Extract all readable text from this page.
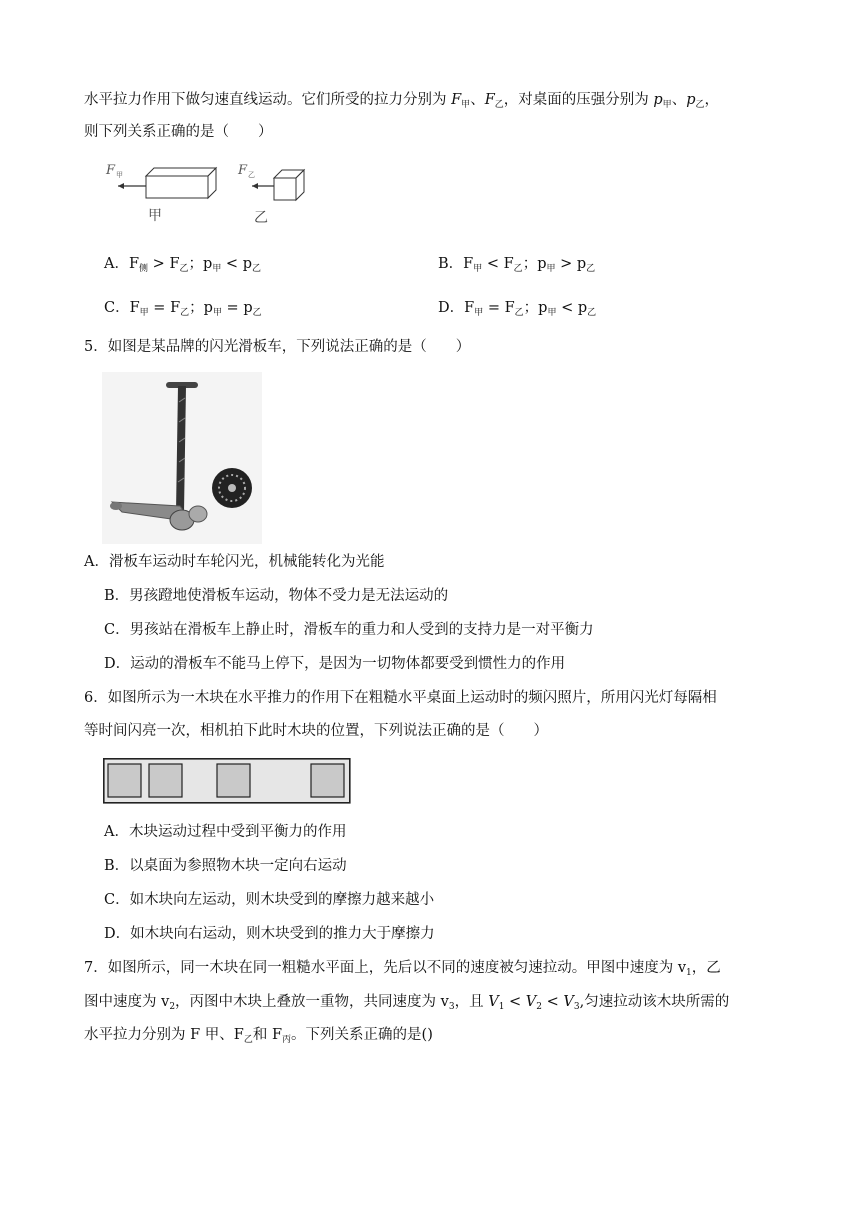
水平拉力作用下做匀速直线运动。它们所受的拉力分别为 $F_甲$、$F_乙$，对桌面的压强分别为 $p_甲$、$p_乙$，
则下列关系正确的是（　　）
F 甲
甲
F 乙
乙
A．$F_侧 > F_乙$；$p_甲 < p_乙$	B．$F_甲 < F_乙$；$p_甲 > p_乙$
C．$F_甲 = F_乙$；$p_甲 = p_乙$	D．$F_甲 = F_乙$；$p_甲 < p_乙$
5．如图是某品牌的闪光滑板车，下列说法正确的是（　　）
A．滑板车运动时车轮闪光，机械能转化为光能
B．男孩蹬地使滑板车运动，物体不受力是无法运动的
C．男孩站在滑板车上静止时，滑板车的重力和人受到的支持力是一对平衡力
D．运动的滑板车不能马上停下，是因为一切物体都要受到惯性力的作用
6．如图所示为一木块在水平推力的作用下在粗糙水平桌面上运动时的频闪照片，所用闪光灯每隔相
等时间闪亮一次，相机拍下此时木块的位置，下列说法正确的是（　　）
A．木块运动过程中受到平衡力的作用
B．以桌面为参照物木块一定向右运动
C．如木块向左运动，则木块受到的摩擦力越来越小
D．如木块向右运动，则木块受到的推力大于摩擦力
7．如图所示，同一木块在同一粗糙水平面上，先后以不同的速度被匀速拉动。甲图中速度为 $v_1$，乙
图中速度为 $v_2$，丙图中木块上叠放一重物，共同速度为 $v_3$，且 $V_1 < V_2 < V_3$,匀速拉动该木块所需的
水平拉力分别为 F 甲、$F_乙$和 $F_丙$。下列关系正确的是()
